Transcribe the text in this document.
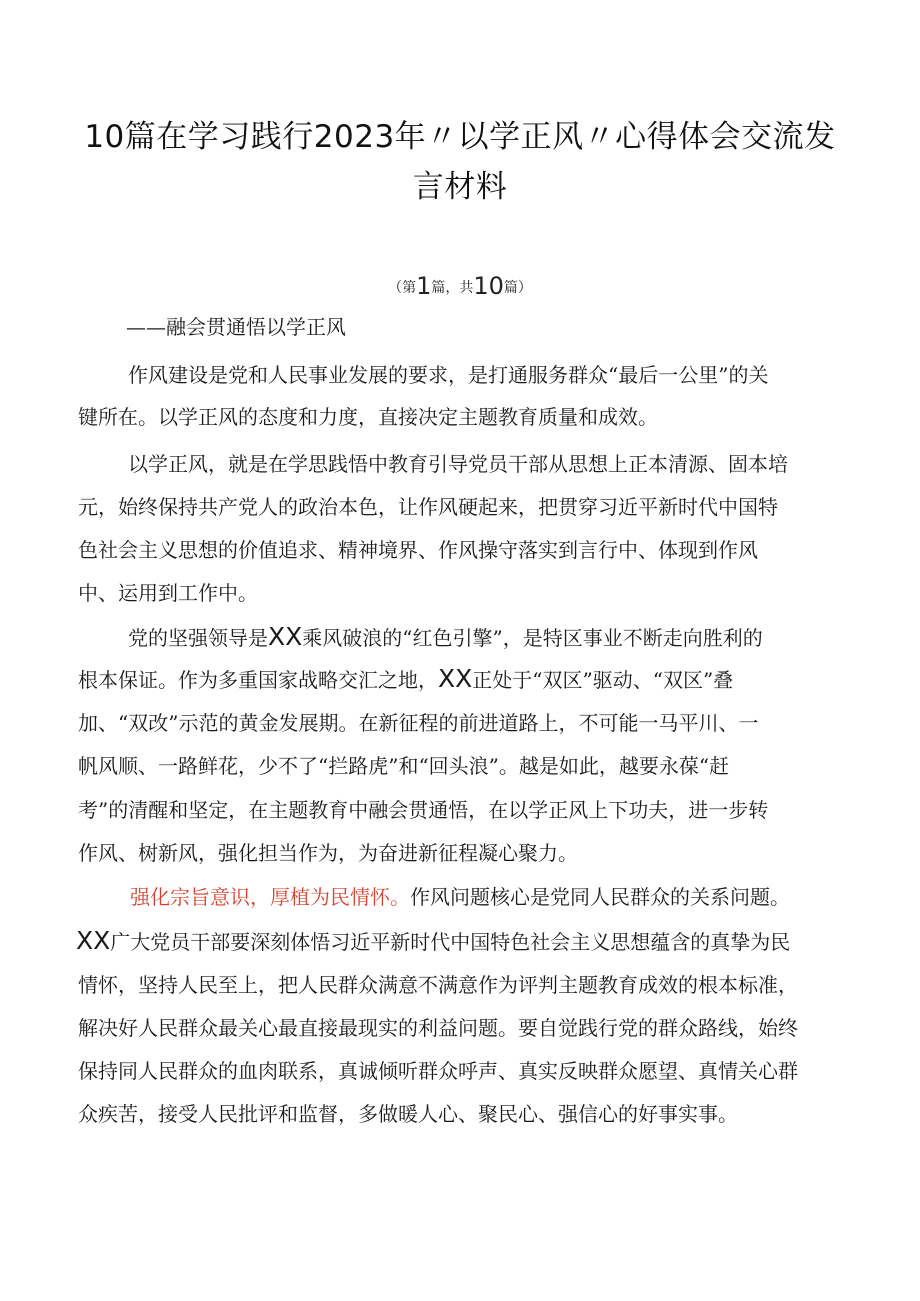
10篇在学习践行2023年〃以学正风〃心得体会交流发
言材料
（第1篇，共10篇）
——融会贯通悟以学正风
作风建设是党和人民事业发展的要求，是打通服务群众“最后一公里”的关
键所在。以学正风的态度和力度，直接决定主题教育质量和成效。
以学正风，就是在学思践悟中教育引导党员干部从思想上正本清源、固本培
元，始终保持共产党人的政治本色，让作风硬起来，把贯穿习近平新时代中国特
色社会主义思想的价值追求、精神境界、作风操守落实到言行中、体现到作风
中、运用到工作中。
党的坚强领导是XX乘风破浪的“红色引擎”，是特区事业不断走向胜利的
根本保证。作为多重国家战略交汇之地，XX正处于“双区”驱动、“双区”叠
加、“双改”示范的黄金发展期。在新征程的前进道路上，不可能一马平川、一
帆风顺、一路鲜花，少不了“拦路虎”和“回头浪”。越是如此，越要永葆“赶
考”的清醒和坚定，在主题教育中融会贯通悟，在以学正风上下功夫，进一步转
作风、树新风，强化担当作为，为奋进新征程凝心聚力。
强化宗旨意识，厚植为民情怀。作风问题核心是党同人民群众的关系问题。
XX广大党员干部要深刻体悟习近平新时代中国特色社会主义思想蕴含的真挚为民
情怀，坚持人民至上，把人民群众满意不满意作为评判主题教育成效的根本标准，
解决好人民群众最关心最直接最现实的利益问题。要自觉践行党的群众路线，始终
保持同人民群众的血肉联系，真诚倾听群众呼声、真实反映群众愿望、真情关心群
众疾苦，接受人民批评和监督，多做暖人心、聚民心、强信心的好事实事。
